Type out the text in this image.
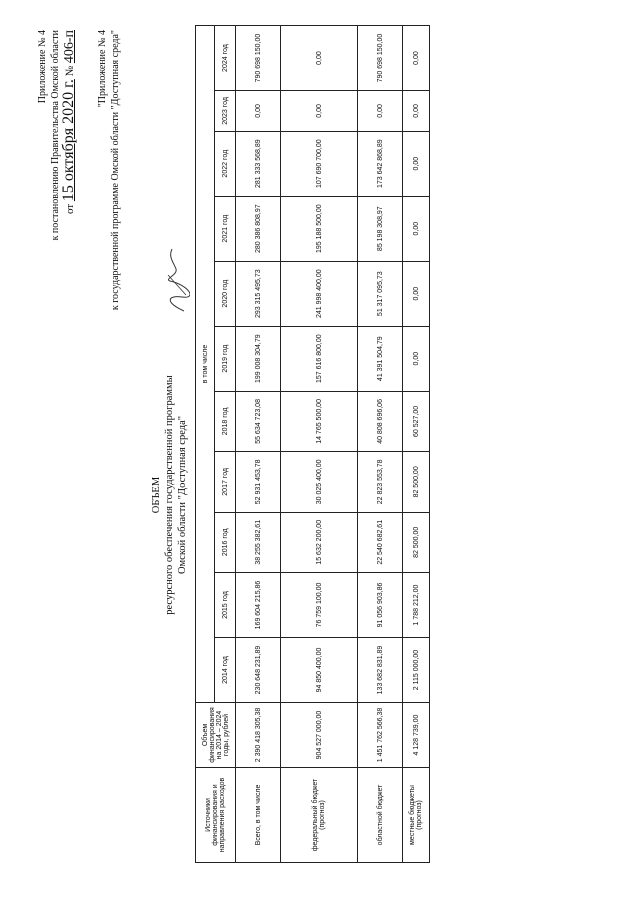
Приложение № 4 к постановлению Правительства Омской области от 15 октября 2020 г. № 406-п "Приложение № 4 к государственной программе Омской области "Доступная среда"
ОБЪЕМ ресурсного обеспечения государственной программы Омской области "Доступная среда"
Источники финансирования и направления расходов	Объем финансирования на 2014 – 2024 годы, рублей	в том числе										
		2014 год	2015 год	2016 год	2017 год	2018 год	2019 год	2020 год	2021 год	2022 год	2023 год	2024 год
Всего, в том числе	2 390 418 305,38	230 648 231,89	169 604 215,86	38 255 382,61	52 931 453,78	55 634 723,08	199 008 304,79	293 315 495,73	280 386 808,97	281 333 568,89	0,00	790 698 150,00
федеральный бюджет (прогноз)	904 527 000,00	94 850 400,00	76 759 100,00	15 632 200,00	30 025 400,00	14 765 500,00	157 616 800,00	241 998 400,00	195 188 500,00	107 690 700,00	0,00	0,00
областной бюджет	1 451 762 566,38	133 682 831,89	91 056 903,86	22 540 682,61	22 823 553,78	40 808 696,06	41 391 504,79	51 317 095,73	85 198 308,97	173 642 868,89	0,00	790 698 150,00
местные бюджеты (прогноз)	4 128 739,00	2 115 000,00	1 788 212,00	82 500,00	82 500,00	60 527,00	0,00	0,00	0,00	0,00	0,00	0,00
